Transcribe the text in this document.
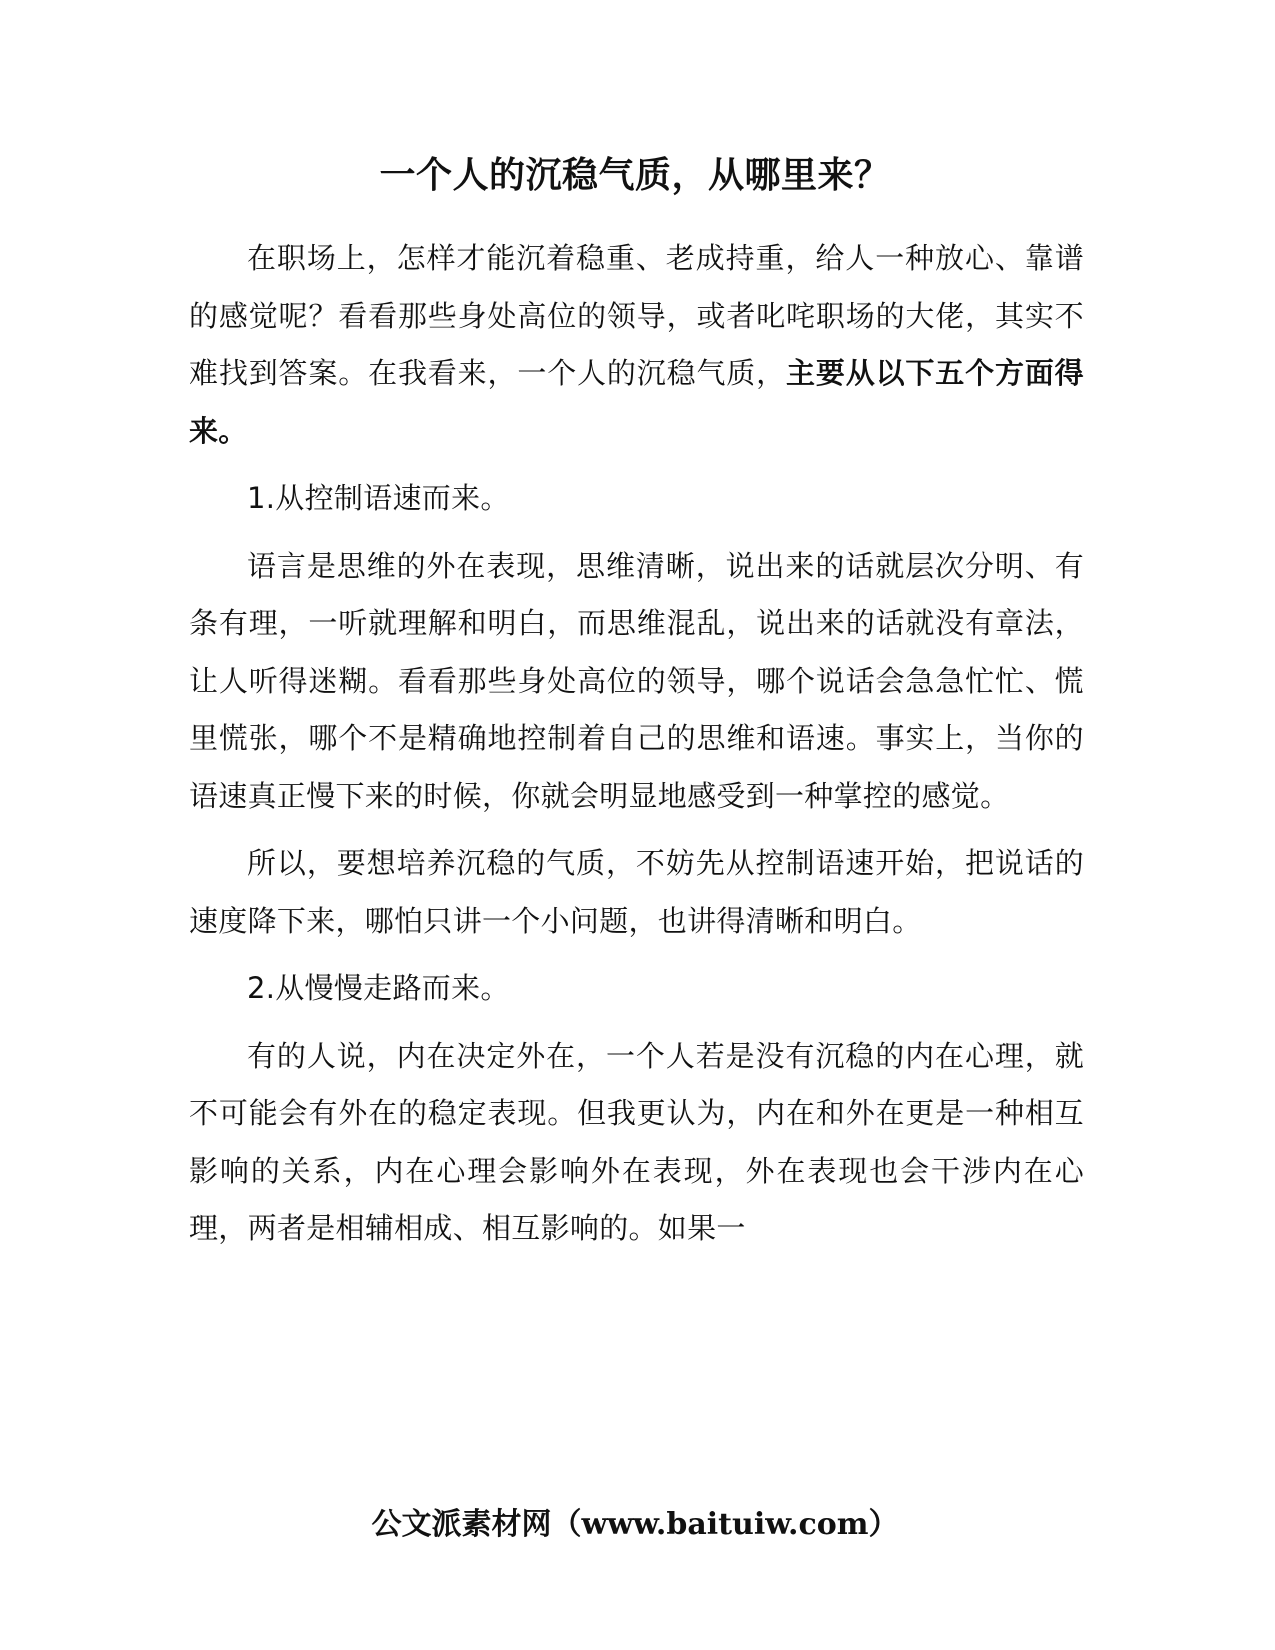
一个人的沉稳气质，从哪里来？

在职场上，怎样才能沉着稳重、老成持重，给人一种放心、靠谱的感觉呢？看看那些身处高位的领导，或者叱咤职场的大佬，其实不难找到答案。在我看来，一个人的沉稳气质，主要从以下五个方面得来。

1.从控制语速而来。

语言是思维的外在表现，思维清晰，说出来的话就层次分明、有条有理，一听就理解和明白，而思维混乱，说出来的话就没有章法，让人听得迷糊。看看那些身处高位的领导，哪个说话会急急忙忙、慌里慌张，哪个不是精确地控制着自己的思维和语速。事实上，当你的语速真正慢下来的时候，你就会明显地感受到一种掌控的感觉。

所以，要想培养沉稳的气质，不妨先从控制语速开始，把说话的速度降下来，哪怕只讲一个小问题，也讲得清晰和明白。

2.从慢慢走路而来。

有的人说，内在决定外在，一个人若是没有沉稳的内在心理，就不可能会有外在的稳定表现。但我更认为，内在和外在更是一种相互影响的关系，内在心理会影响外在表现，外在表现也会干涉内在心理，两者是相辅相成、相互影响的。如果一

公文派素材网（www.baituiw.com）
